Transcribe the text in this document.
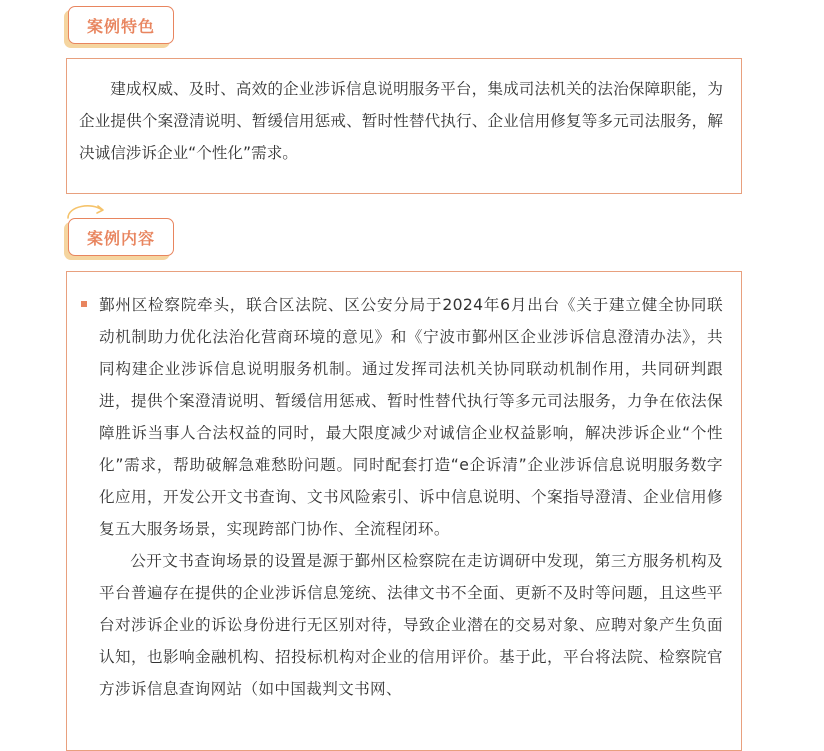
案例特色

建成权威、及时、高效的企业涉诉信息说明服务平台，集成司法机关的法治保障职能，为企业提供个案澄清说明、暂缓信用惩戒、暂时性替代执行、企业信用修复等多元司法服务，解决诚信涉诉企业“个性化”需求。

案例内容

鄞州区检察院牵头，联合区法院、区公安分局于2024年6月出台《关于建立健全协同联动机制助力优化法治化营商环境的意见》和《宁波市鄞州区企业涉诉信息澄清办法》，共同构建企业涉诉信息说明服务机制。通过发挥司法机关协同联动机制作用，共同研判跟进，提供个案澄清说明、暂缓信用惩戒、暂时性替代执行等多元司法服务，力争在依法保障胜诉当事人合法权益的同时，最大限度减少对诚信企业权益影响，解决涉诉企业“个性化”需求，帮助破解急难愁盼问题。同时配套打造“e企诉清”企业涉诉信息说明服务数字化应用，开发公开文书查询、文书风险索引、诉中信息说明、个案指导澄清、企业信用修复五大服务场景，实现跨部门协作、全流程闭环。

公开文书查询场景的设置是源于鄞州区检察院在走访调研中发现，第三方服务机构及平台普遍存在提供的企业涉诉信息笼统、法律文书不全面、更新不及时等问题，且这些平台对涉诉企业的诉讼身份进行无区别对待，导致企业潜在的交易对象、应聘对象产生负面认知，也影响金融机构、招投标机构对企业的信用评价。基于此，平台将法院、检察院官方涉诉信息查询网站（如中国裁判文书网、
